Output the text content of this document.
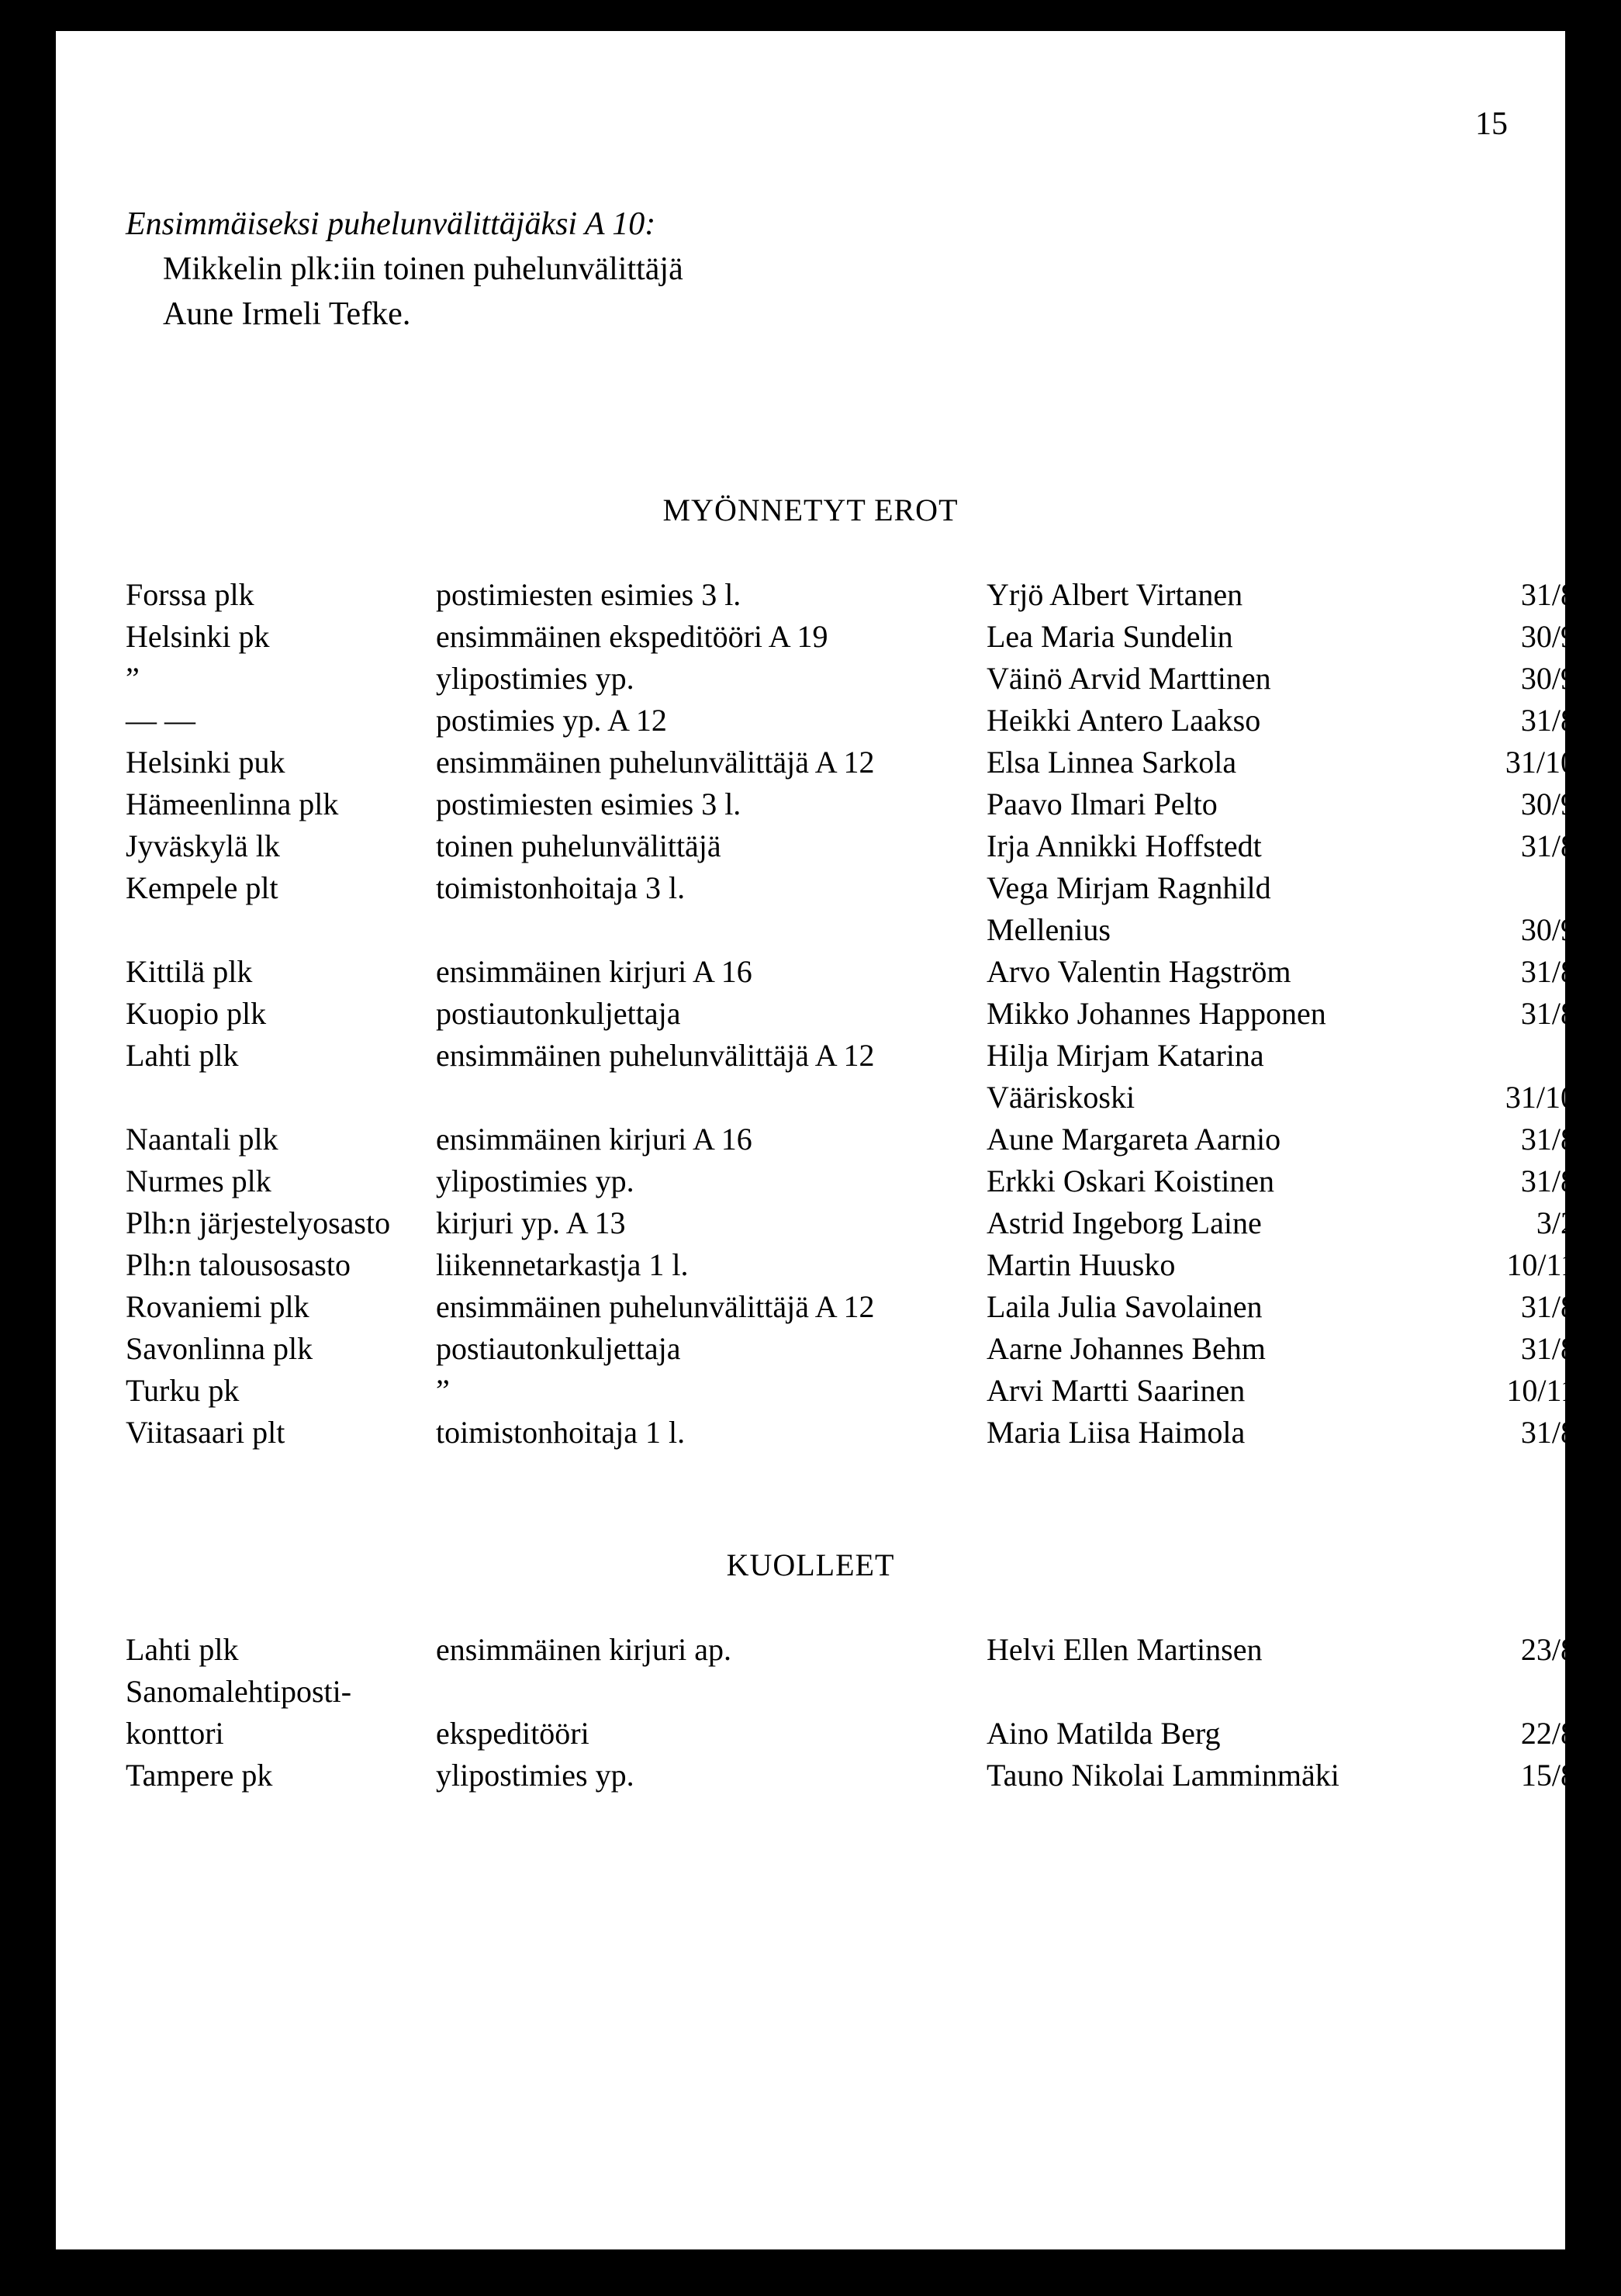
15
Ensimmäiseksi puhelunvälittäjäksi A 10:
Mikkelin plk:iin toinen puhelunvälittäjä
Aune Irmeli Tefke.
MYÖNNETYT EROT
Forssa plk	postimiesten esimies 3 l.	Yrjö Albert Virtanen	31/8
Helsinki pk	ensimmäinen ekspeditööri A 19	Lea Maria Sundelin	30/9
”	ylipostimies yp.	Väinö Arvid Marttinen	30/9
— —	postimies yp. A 12	Heikki Antero Laakso	31/8
Helsinki puk	ensimmäinen puhelunvälittäjä A 12	Elsa Linnea Sarkola	31/10
Hämeenlinna plk	postimiesten esimies 3 l.	Paavo Ilmari Pelto	30/9
Jyväskylä lk	toinen puhelunvälittäjä	Irja Annikki Hoffstedt	31/8
Kempele plt	toimistonhoitaja 3 l.	Vega Mirjam Ragnhild
Mellenius	30/9
Kittilä plk	ensimmäinen kirjuri A 16	Arvo Valentin Hagström	31/8
Kuopio plk	postiautonkuljettaja	Mikko Johannes Happonen	31/8
Lahti plk	ensimmäinen puhelunvälittäjä A 12	Hilja Mirjam Katarina
Vääriskoski	31/10
Naantali plk	ensimmäinen kirjuri A 16	Aune Margareta Aarnio	31/8
Nurmes plk	ylipostimies yp.	Erkki Oskari Koistinen	31/8
Plh:n järjestelyosasto kirjuri yp. A 13	Astrid Ingeborg Laine	3/2
Plh:n talousosasto	liikennetarkastja 1 l.	Martin Huusko	10/11
Rovaniemi plk	ensimmäinen puhelunvälittäjä A 12	Laila Julia Savolainen	31/8
Savonlinna plk	postiautonkuljettaja	Aarne Johannes Behm	31/8
Turku pk	”	Arvi Martti Saarinen	10/11
Viitasaari plt	toimistonhoitaja 1 l.	Maria Liisa Haimola	31/8
KUOLLEET
Lahti plk	ensimmäinen kirjuri ap.	Helvi Ellen Martinsen	23/8
Sanomalehtiposti-
konttori	ekspeditööri	Aino Matilda Berg	22/8
Tampere pk	ylipostimies yp.	Tauno Nikolai Lamminmäki	15/8
